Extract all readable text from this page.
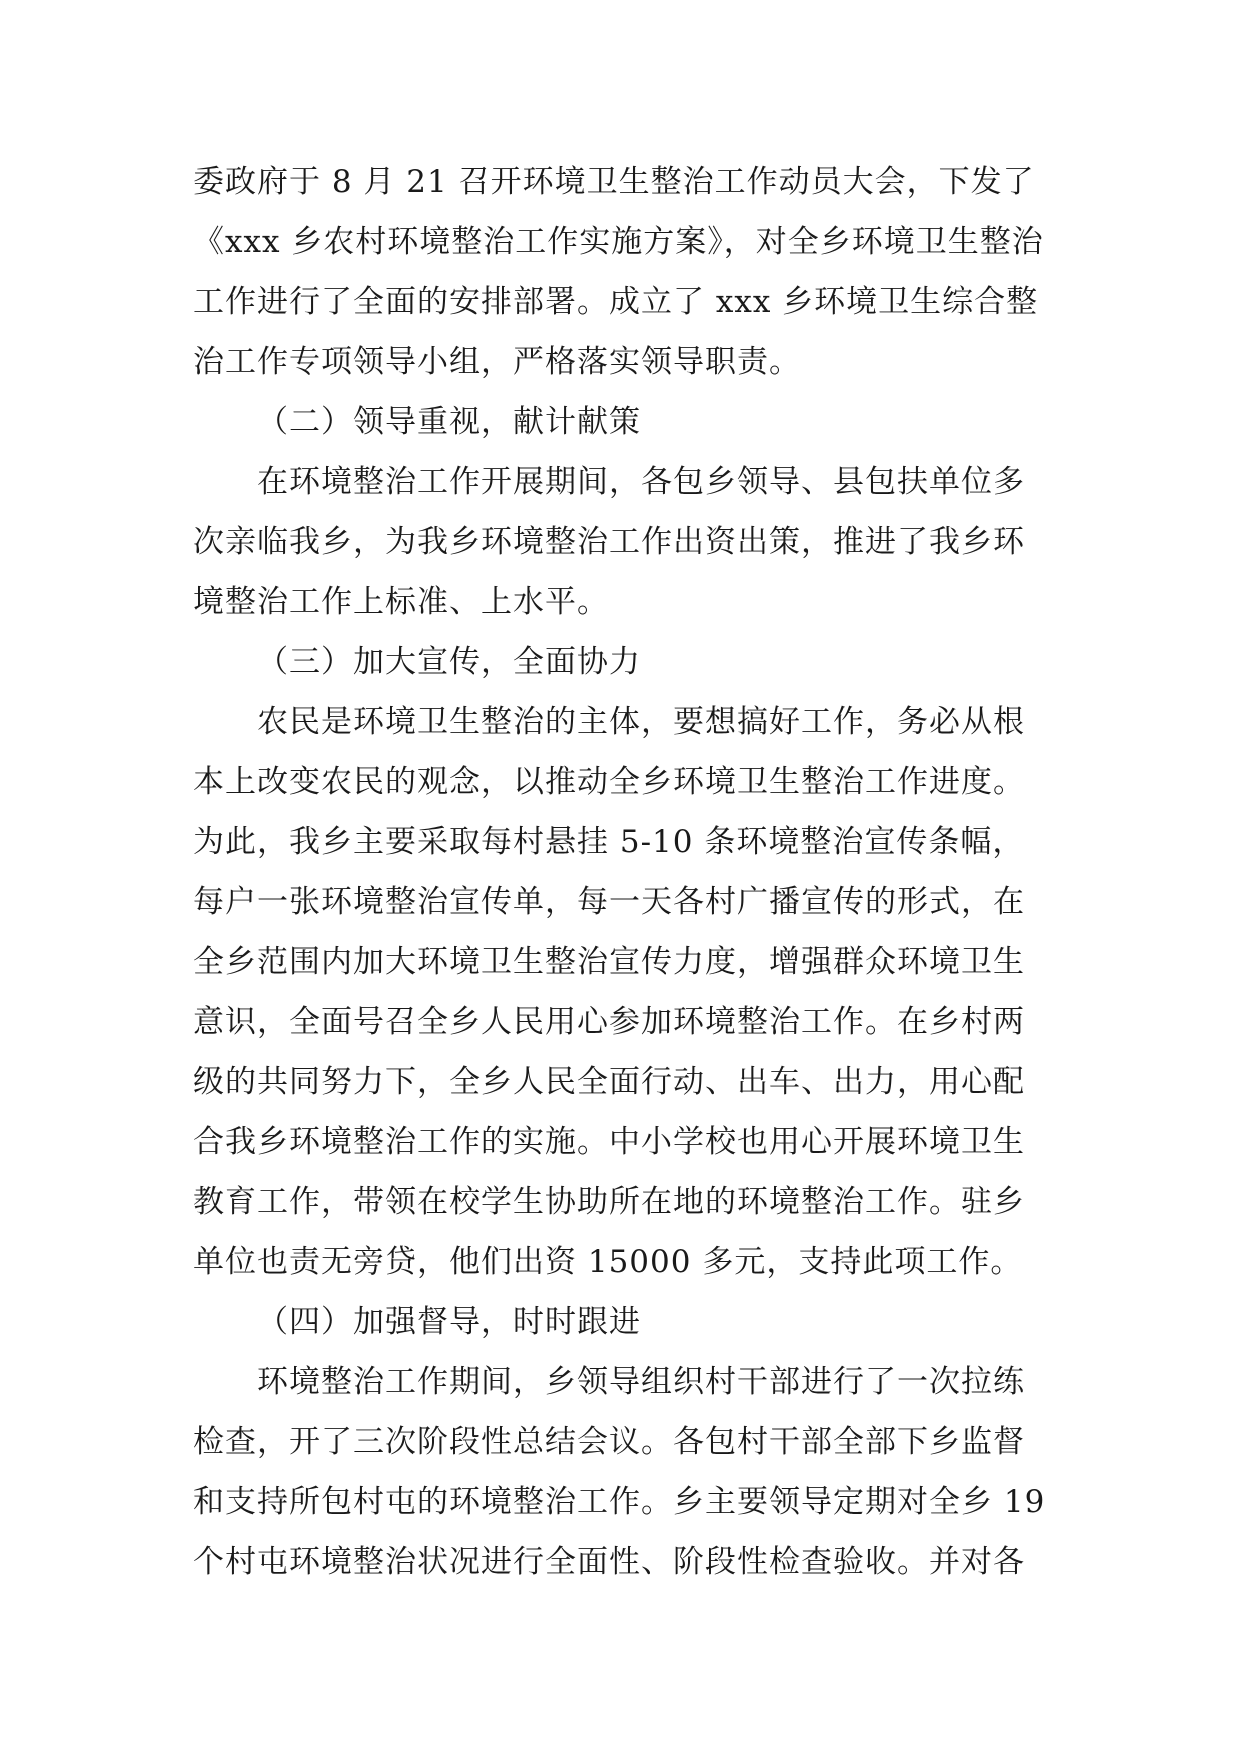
委政府于 8 月 21 召开环境卫生整治工作动员大会，下发了
《xxx 乡农村环境整治工作实施方案》，对全乡环境卫生整治
工作进行了全面的安排部署。成立了 xxx 乡环境卫生综合整
治工作专项领导小组，严格落实领导职责。
（二）领导重视，献计献策
在环境整治工作开展期间，各包乡领导、县包扶单位多
次亲临我乡，为我乡环境整治工作出资出策，推进了我乡环
境整治工作上标准、上水平。
（三）加大宣传，全面协力
农民是环境卫生整治的主体，要想搞好工作，务必从根
本上改变农民的观念，以推动全乡环境卫生整治工作进度。
为此，我乡主要采取每村悬挂 5-10 条环境整治宣传条幅，
每户一张环境整治宣传单，每一天各村广播宣传的形式，在
全乡范围内加大环境卫生整治宣传力度，增强群众环境卫生
意识，全面号召全乡人民用心参加环境整治工作。在乡村两
级的共同努力下，全乡人民全面行动、出车、出力，用心配
合我乡环境整治工作的实施。中小学校也用心开展环境卫生
教育工作，带领在校学生协助所在地的环境整治工作。驻乡
单位也责无旁贷，他们出资 15000 多元，支持此项工作。
（四）加强督导，时时跟进
环境整治工作期间，乡领导组织村干部进行了一次拉练
检查，开了三次阶段性总结会议。各包村干部全部下乡监督
和支持所包村屯的环境整治工作。乡主要领导定期对全乡 19
个村屯环境整治状况进行全面性、阶段性检查验收。并对各
